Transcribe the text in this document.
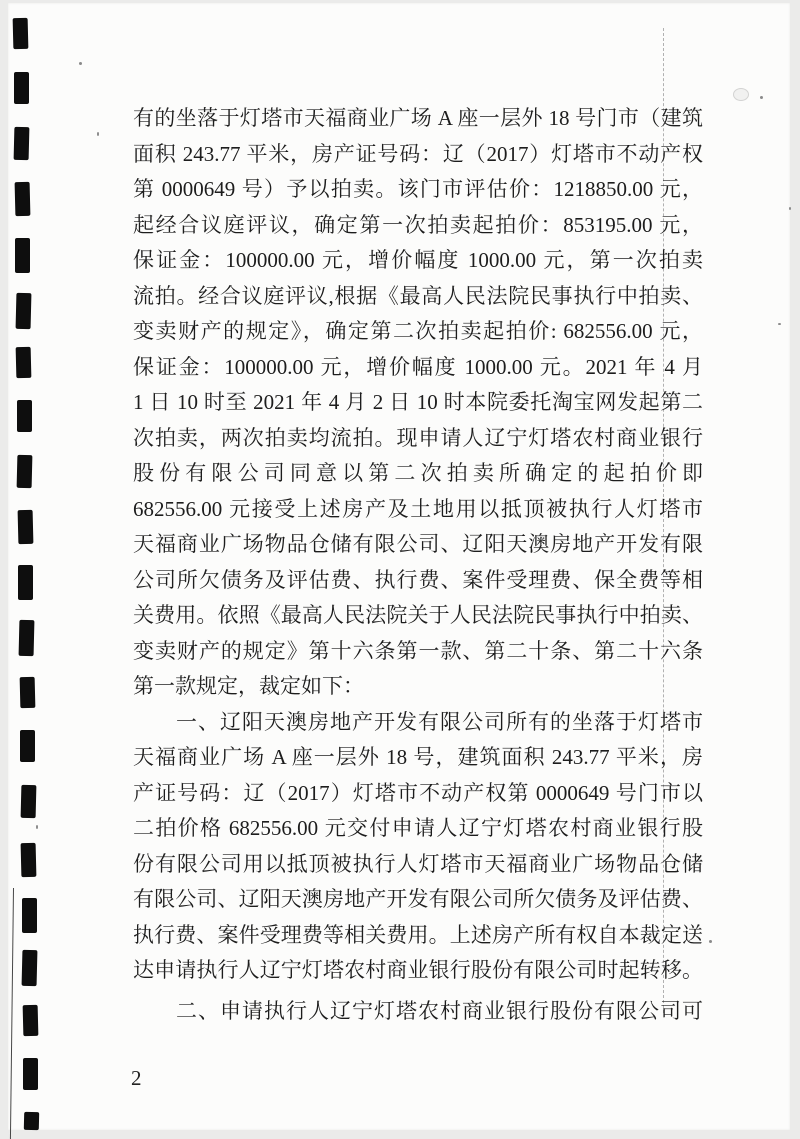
有的坐落于灯塔市天福商业广场 A 座一层外 18 号门市（建筑
面积 243.77 平米，房产证号码：辽（2017）灯塔市不动产权
第 0000649 号）予以拍卖。该门市评估价：1218850.00 元，
起经合议庭评议，确定第一次拍卖起拍价：853195.00 元，
保证金：100000.00 元，增价幅度 1000.00 元，第一次拍卖
流拍。经合议庭评议,根据《最高人民法院民事执行中拍卖、
变卖财产的规定》，确定第二次拍卖起拍价: 682556.00 元，
保证金：100000.00 元，增价幅度 1000.00 元。2021 年 4 月
1 日 10 时至 2021 年 4 月 2 日 10 时本院委托淘宝网发起第二
次拍卖，两次拍卖均流拍。现申请人辽宁灯塔农村商业银行
股份有限公司同意以第二次拍卖所确定的起拍价即
682556.00 元接受上述房产及土地用以抵顶被执行人灯塔市
天福商业广场物品仓储有限公司、辽阳天澳房地产开发有限
公司所欠债务及评估费、执行费、案件受理费、保全费等相
关费用。依照《最高人民法院关于人民法院民事执行中拍卖、
变卖财产的规定》第十六条第一款、第二十条、第二十六条
第一款规定，裁定如下：
一、辽阳天澳房地产开发有限公司所有的坐落于灯塔市
天福商业广场 A 座一层外 18 号，建筑面积 243.77 平米，房
产证号码：辽（2017）灯塔市不动产权第 0000649 号门市以
二拍价格 682556.00 元交付申请人辽宁灯塔农村商业银行股
份有限公司用以抵顶被执行人灯塔市天福商业广场物品仓储
有限公司、辽阳天澳房地产开发有限公司所欠债务及评估费、
执行费、案件受理费等相关费用。上述房产所有权自本裁定送
达申请执行人辽宁灯塔农村商业银行股份有限公司时起转移。
二、申请执行人辽宁灯塔农村商业银行股份有限公司可
2
